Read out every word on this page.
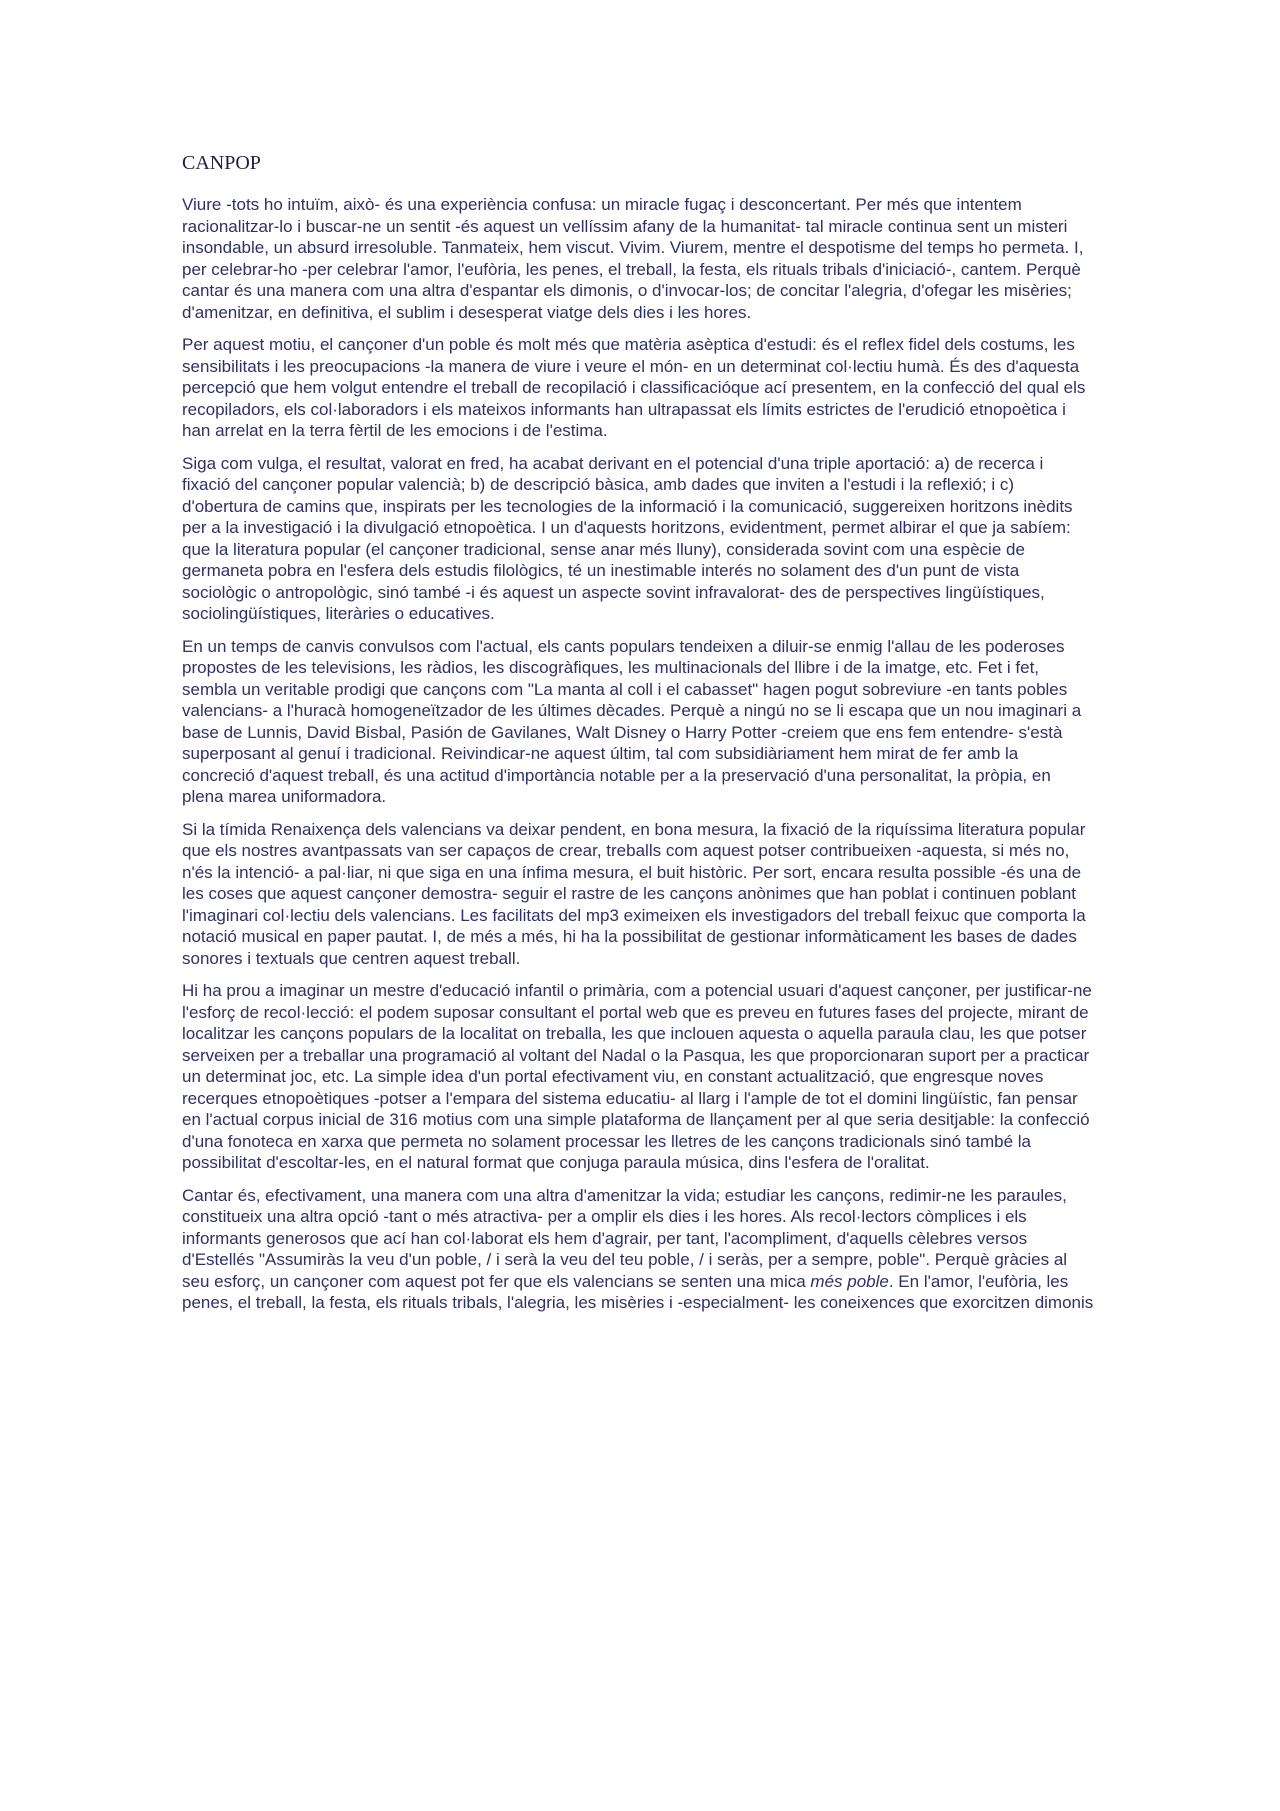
CANPOP

Viure -tots ho intuïm, això- és una experiència confusa: un miracle fugaç i desconcertant. Per més que intentem racionalitzar-lo i buscar-ne un sentit -és aquest un vellíssim afany de la humanitat- tal miracle continua sent un misteri insondable, un absurd irresoluble. Tanmateix, hem viscut. Vivim. Viurem, mentre el despotisme del temps ho permeta. I, per celebrar-ho -per celebrar l'amor, l'eufòria, les penes, el treball, la festa, els rituals tribals d'iniciació-, cantem. Perquè cantar és una manera com una altra d'espantar els dimonis, o d'invocar-los; de concitar l'alegria, d'ofegar les misèries; d'amenitzar, en definitiva, el sublim i desesperat viatge dels dies i les hores.

Per aquest motiu, el cançoner d'un poble és molt més que matèria asèptica d'estudi: és el reflex fidel dels costums, les sensibilitats i les preocupacions -la manera de viure i veure el món- en un determinat col·lectiu humà. És des d'aquesta percepció que hem volgut entendre el treball de recopilació i classificacióque ací presentem, en la confecció del qual els recopiladors, els col·laboradors i els mateixos informants han ultrapassat els límits estrictes de l'erudició etnopoètica i han arrelat en la terra fèrtil de les emocions i de l'estima.

Siga com vulga, el resultat, valorat en fred, ha acabat derivant en el potencial d'una triple aportació: a) de recerca i fixació del cançoner popular valencià; b) de descripció bàsica, amb dades que inviten a l'estudi i la reflexió; i c) d'obertura de camins que, inspirats per les tecnologies de la informació i la comunicació, suggereixen horitzons inèdits per a la investigació i la divulgació etnopoètica. I un d'aquests horitzons, evidentment, permet albirar el que ja sabíem: que la literatura popular (el cançoner tradicional, sense anar més lluny), considerada sovint com una espècie de germaneta pobra en l'esfera dels estudis filològics, té un inestimable interés no solament des d'un punt de vista sociològic o antropològic, sinó també -i és aquest un aspecte sovint infravalorat- des de perspectives lingüístiques, sociolingüístiques, literàries o educatives.

En un temps de canvis convulsos com l'actual, els cants populars tendeixen a diluir-se enmig l'allau de les poderoses propostes de les televisions, les ràdios, les discogràfiques, les multinacionals del llibre i de la imatge, etc. Fet i fet, sembla un veritable prodigi que cançons com "La manta al coll i el cabasset" hagen pogut sobreviure -en tants pobles valencians- a l'huracà homogeneïtzador de les últimes dècades. Perquè a ningú no se li escapa que un nou imaginari a base de Lunnis, David Bisbal, Pasión de Gavilanes, Walt Disney o Harry Potter -creiem que ens fem entendre- s'està superposant al genuí i tradicional. Reivindicar-ne aquest últim, tal com subsidiàriament hem mirat de fer amb la concreció d'aquest treball, és una actitud d'importància notable per a la preservació d'una personalitat, la pròpia, en plena marea uniformadora.

Si la tímida Renaixença dels valencians va deixar pendent, en bona mesura, la fixació de la riquíssima literatura popular que els nostres avantpassats van ser capaços de crear, treballs com aquest potser contribueixen -aquesta, si més no, n'és la intenció- a pal·liar, ni que siga en una ínfima mesura, el buit històric. Per sort, encara resulta possible -és una de les coses que aquest cançoner demostra- seguir el rastre de les cançons anònimes que han poblat i continuen poblant l'imaginari col·lectiu dels valencians. Les facilitats del mp3 eximeixen els investigadors del treball feixuc que comporta la notació musical en paper pautat. I, de més a més, hi ha la possibilitat de gestionar informàticament les bases de dades sonores i textuals que centren aquest treball.

Hi ha prou a imaginar un mestre d'educació infantil o primària, com a potencial usuari d'aquest cançoner, per justificar-ne l'esforç de recol·lecció: el podem suposar consultant el portal web que es preveu en futures fases del projecte, mirant de localitzar les cançons populars de la localitat on treballa, les que inclouen aquesta o aquella paraula clau, les que potser serveixen per a treballar una programació al voltant del Nadal o la Pasqua, les que proporcionaran suport per a practicar un determinat joc, etc. La simple idea d'un portal efectivament viu, en constant actualització, que engresque noves recerques etnopoètiques -potser a l'empara del sistema educatiu- al llarg i l'ample de tot el domini lingüístic, fan pensar en l'actual corpus inicial de 316 motius com una simple plataforma de llançament per al que seria desitjable: la confecció d'una fonoteca en xarxa que permeta no solament processar les lletres de les cançons tradicionals sinó també la possibilitat d'escoltar-les, en el natural format que conjuga paraula música, dins l'esfera de l'oralitat.

Cantar és, efectivament, una manera com una altra d'amenitzar la vida; estudiar les cançons, redimir-ne les paraules, constitueix una altra opció -tant o més atractiva- per a omplir els dies i les hores. Als recol·lectors còmplices i els informants generosos que ací han col·laborat els hem d'agrair, per tant, l'acompliment, d'aquells cèlebres versos d'Estellés "Assumiràs la veu d'un poble, / i serà la veu del teu poble, / i seràs, per a sempre, poble". Perquè gràcies al seu esforç, un cançoner com aquest pot fer que els valencians se senten una mica més poble. En l'amor, l'eufòria, les penes, el treball, la festa, els rituals tribals, l'alegria, les misèries i -especialment- les coneixences que exorcitzen dimonis
